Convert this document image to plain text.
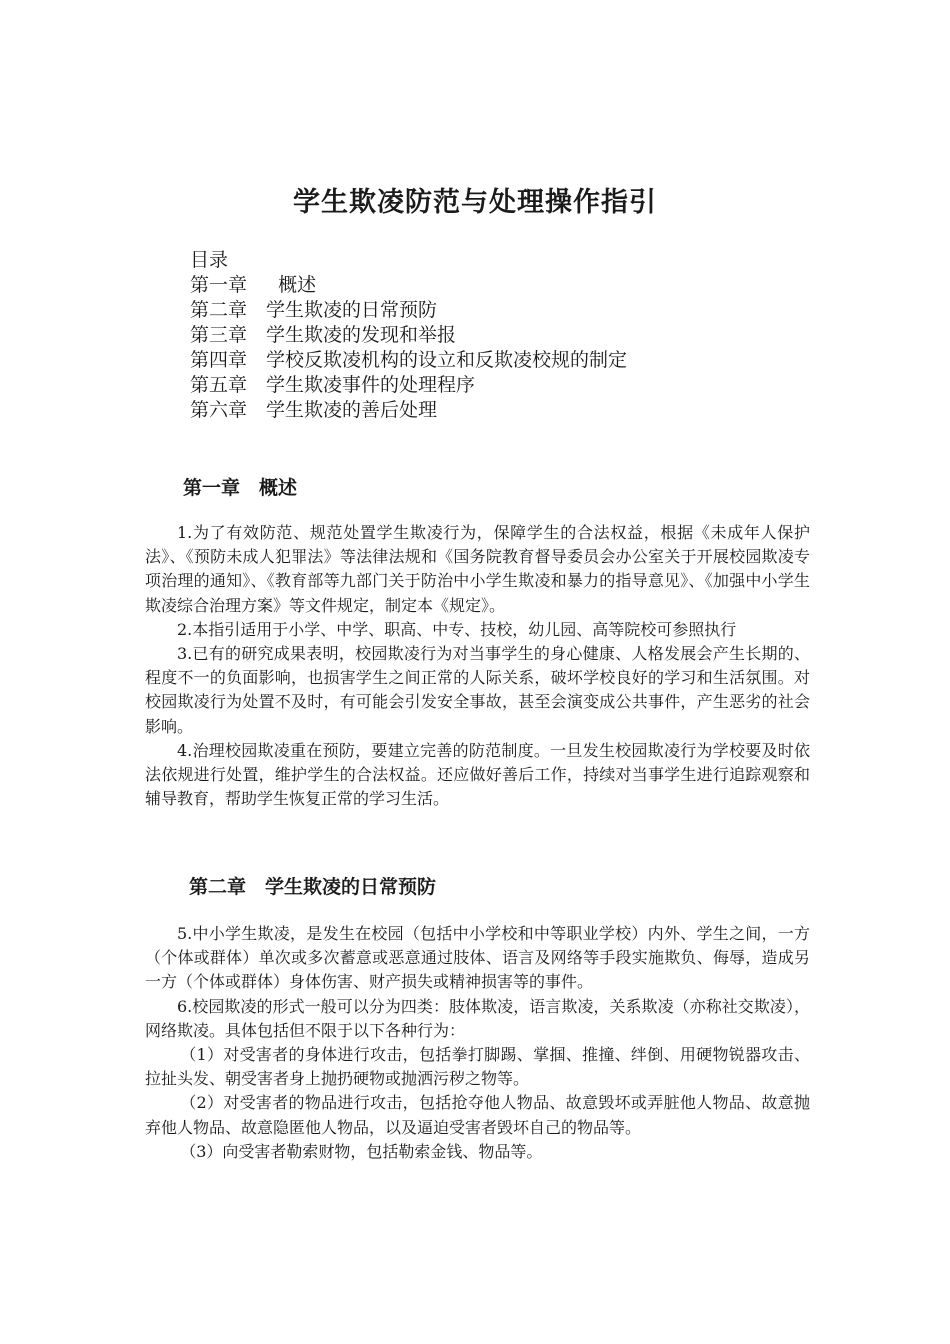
学生欺凌防范与处理操作指引
目录
第一章　  概述
第二章　学生欺凌的日常预防
第三章　学生欺凌的发现和举报
第四章　学校反欺凌机构的设立和反欺凌校规的制定
第五章　学生欺凌事件的处理程序
第六章　学生欺凌的善后处理
第一章　概述

1.为了有效防范、规范处置学生欺凌行为，保障学生的合法权益，根据《未成年人保护法》、《预防未成人犯罪法》等法律法规和《国务院教育督导委员会办公室关于开展校园欺凌专项治理的通知》、《教育部等九部门关于防治中小学生欺凌和暴力的指导意见》、《加强中小学生欺凌综合治理方案》等文件规定，制定本《规定》。

2.本指引适用于小学、中学、职高、中专、技校，幼儿园、高等院校可参照执行

3.已有的研究成果表明，校园欺凌行为对当事学生的身心健康、人格发展会产生长期的、程度不一的负面影响，也损害学生之间正常的人际关系，破坏学校良好的学习和生活氛围。对校园欺凌行为处置不及时，有可能会引发安全事故，甚至会演变成公共事件，产生恶劣的社会影响。

4.治理校园欺凌重在预防，要建立完善的防范制度。一旦发生校园欺凌行为学校要及时依法依规进行处置，维护学生的合法权益。还应做好善后工作，持续对当事学生进行追踪观察和辅导教育，帮助学生恢复正常的学习生活。

第二章　学生欺凌的日常预防

5.中小学生欺凌，是发生在校园（包括中小学校和中等职业学校）内外、学生之间，一方（个体或群体）单次或多次蓄意或恶意通过肢体、语言及网络等手段实施欺负、侮辱，造成另一方（个体或群体）身体伤害、财产损失或精神损害等的事件。

6.校园欺凌的形式一般可以分为四类：肢体欺凌，语言欺凌，关系欺凌（亦称社交欺凌），网络欺凌。具体包括但不限于以下各种行为：

（1）对受害者的身体进行攻击，包括拳打脚踢、掌掴、推撞、绊倒、用硬物锐器攻击、拉扯头发、朝受害者身上抛扔硬物或抛洒污秽之物等。

（2）对受害者的物品进行攻击，包括抢夺他人物品、故意毁坏或弄脏他人物品、故意抛弃他人物品、故意隐匿他人物品，以及逼迫受害者毁坏自己的物品等。

（3）向受害者勒索财物，包括勒索金钱、物品等。
